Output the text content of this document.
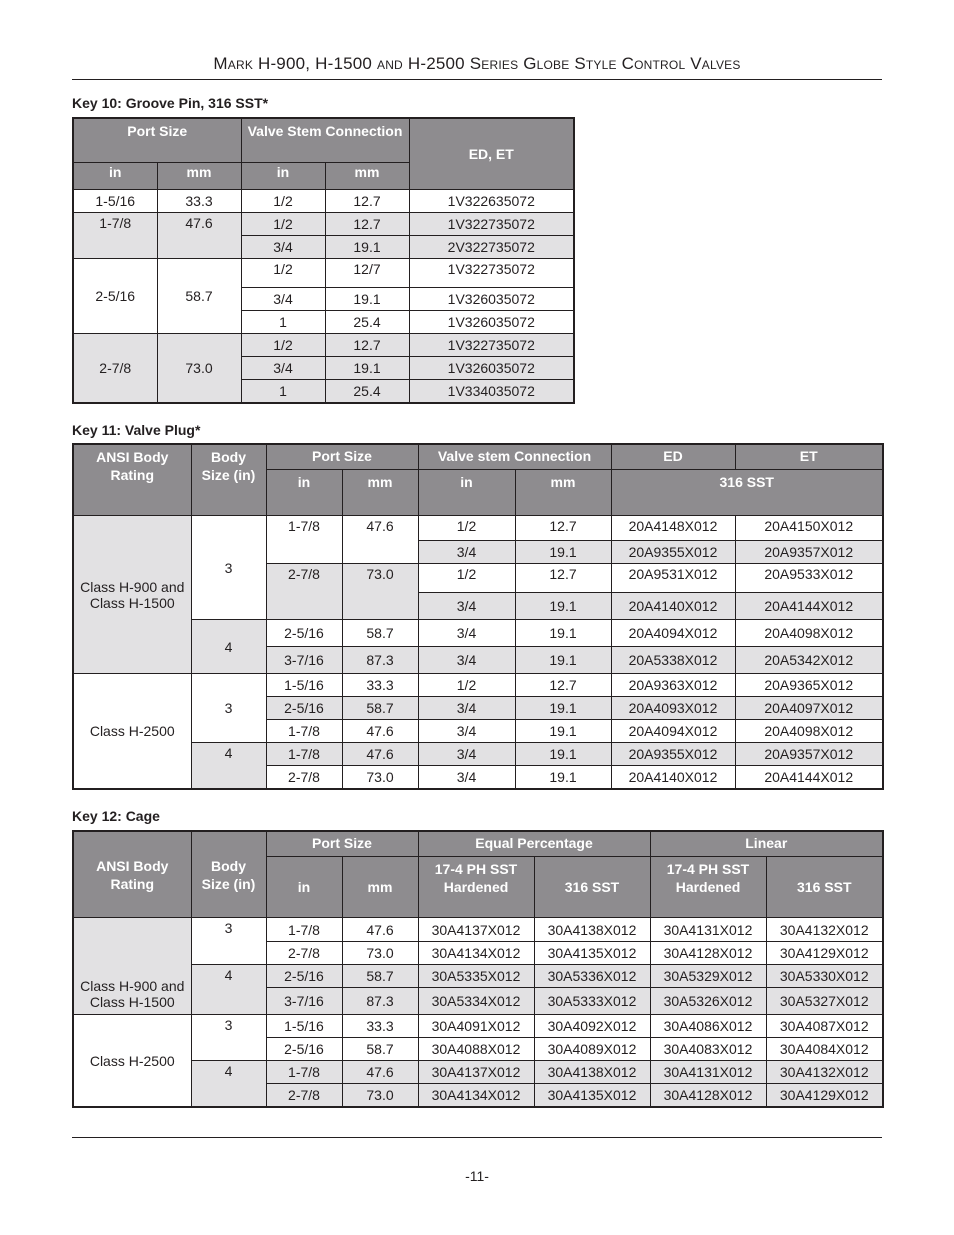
Mark H-900, H-1500 and H-2500 Series Globe Style Control Valves
Key 10: Groove Pin, 316 SST*
Port Size		Valve Stem Connection		ED, ET
in	mm	in	mm	
1-5/16	33.3	1/2	12.7	1V322635072
1-7/8	47.6	1/2	12.7	1V322735072
		3/4	19.1	2V322735072
2-5/16	58.7	1/2	12/7	1V322735072
		3/4	19.1	1V326035072
		1	25.4	1V326035072
2-7/8	73.0	1/2	12.7	1V322735072
		3/4	19.1	1V326035072
		1	25.4	1V334035072
Key 11: Valve Plug*
ANSI Body Rating	Body Size (in)	Port Size		Valve stem Connection		ED	ET
		in	mm	in	mm	316 SST	
Class H-900 and Class H-1500	3	1-7/8	47.6	1/2	12.7	20A4148X012	20A4150X012
				3/4	19.1	20A9355X012	20A9357X012
		2-7/8	73.0	1/2	12.7	20A9531X012	20A9533X012
				3/4	19.1	20A4140X012	20A4144X012
	4	2-5/16	58.7	3/4	19.1	20A4094X012	20A4098X012
		3-7/16	87.3	3/4	19.1	20A5338X012	20A5342X012
Class H-2500	3	1-5/16	33.3	1/2	12.7	20A9363X012	20A9365X012
		2-5/16	58.7	3/4	19.1	20A4093X012	20A4097X012
		1-7/8	47.6	3/4	19.1	20A4094X012	20A4098X012
	4	1-7/8	47.6	3/4	19.1	20A9355X012	20A9357X012
		2-7/8	73.0	3/4	19.1	20A4140X012	20A4144X012
Key 12: Cage
ANSI Body Rating	Body Size (in)	Port Size		Equal Percentage		Linear	
		in	mm	17-4 PH SST Hardened	316 SST	17-4 PH SST Hardened	316 SST
Class H-900 and Class H-1500	3	1-7/8	47.6	30A4137X012	30A4138X012	30A4131X012	30A4132X012
		2-7/8	73.0	30A4134X012	30A4135X012	30A4128X012	30A4129X012
	4	2-5/16	58.7	30A5335X012	30A5336X012	30A5329X012	30A5330X012
		3-7/16	87.3	30A5334X012	30A5333X012	30A5326X012	30A5327X012
Class H-2500	3	1-5/16	33.3	30A4091X012	30A4092X012	30A4086X012	30A4087X012
		2-5/16	58.7	30A4088X012	30A4089X012	30A4083X012	30A4084X012
	4	1-7/8	47.6	30A4137X012	30A4138X012	30A4131X012	30A4132X012
		2-7/8	73.0	30A4134X012	30A4135X012	30A4128X012	30A4129X012
-11-
